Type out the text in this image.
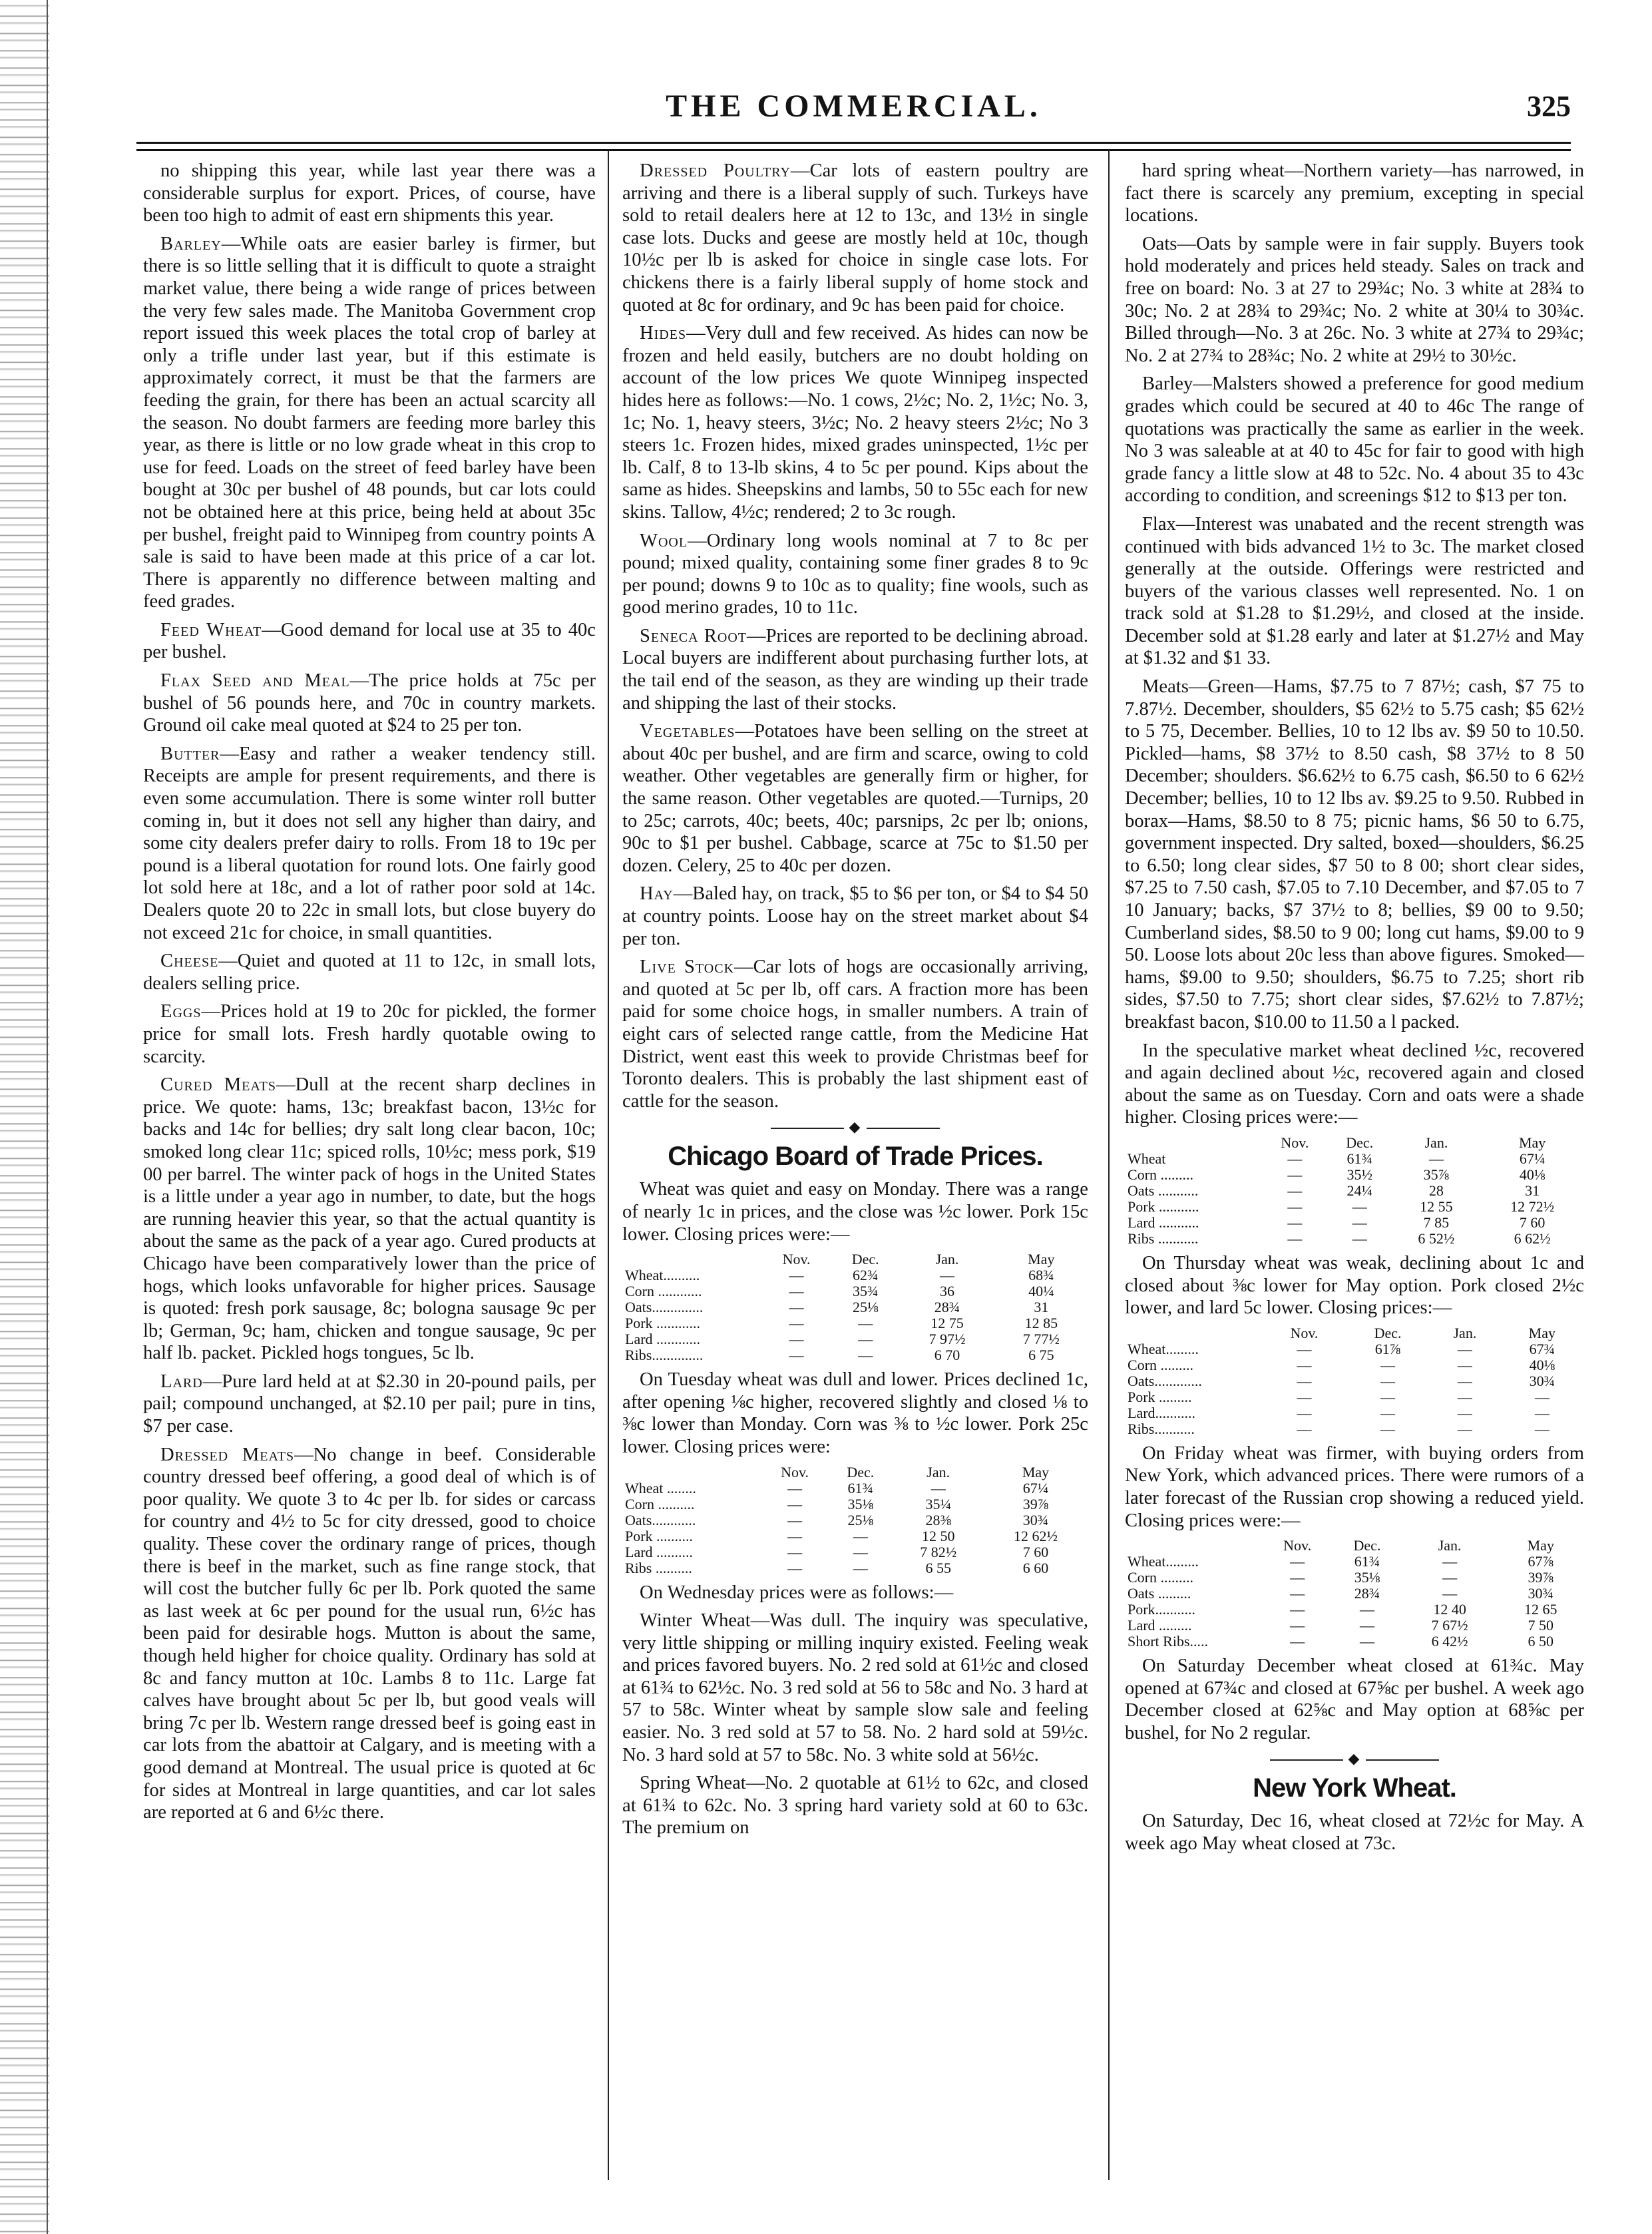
THE COMMERCIAL.	325

no shipping this year, while last year there was a considerable surplus for export. Prices, of course, have been too high to admit of east ern shipments this year.

Barley—While oats are easier barley is firmer, but there is so little selling that it is difficult to quote a straight market value, there being a wide range of prices between the very few sales made. The Manitoba Government crop report issued this week places the total crop of barley at only a trifle under last year, but if this estimate is approximately correct, it must be that the farmers are feeding the grain, for there has been an actual scarcity all the season. No doubt farmers are feeding more barley this year, as there is little or no low grade wheat in this crop to use for feed. Loads on the street of feed barley have been bought at 30c per bushel of 48 pounds, but car lots could not be obtained here at this price, being held at about 35c per bushel, freight paid to Winnipeg from country points A sale is said to have been made at this price of a car lot. There is apparently no difference between malting and feed grades.

Feed Wheat—Good demand for local use at 35 to 40c per bushel.

Flax Seed and Meal—The price holds at 75c per bushel of 56 pounds here, and 70c in country markets. Ground oil cake meal quoted at $24 to 25 per ton.

Butter—Easy and rather a weaker tendency still. Receipts are ample for present requirements, and there is even some accumulation. There is some winter roll butter coming in, but it does not sell any higher than dairy, and some city dealers prefer dairy to rolls. From 18 to 19c per pound is a liberal quotation for round lots. One fairly good lot sold here at 18c, and a lot of rather poor sold at 14c. Dealers quote 20 to 22c in small lots, but close buyery do not exceed 21c for choice, in small quantities.

Cheese—Quiet and quoted at 11 to 12c, in small lots, dealers selling price.

Eggs—Prices hold at 19 to 20c for pickled, the former price for small lots. Fresh hardly quotable owing to scarcity.

Cured Meats—Dull at the recent sharp declines in price. We quote: hams, 13c; breakfast bacon, 13½c for backs and 14c for bellies; dry salt long clear bacon, 10c; smoked long clear 11c; spiced rolls, 10½c; mess pork, $19 00 per barrel. The winter pack of hogs in the United States is a little under a year ago in number, to date, but the hogs are running heavier this year, so that the actual quantity is about the same as the pack of a year ago. Cured products at Chicago have been comparatively lower than the price of hogs, which looks unfavorable for higher prices. Sausage is quoted: fresh pork sausage, 8c; bologna sausage 9c per lb; German, 9c; ham, chicken and tongue sausage, 9c per half lb. packet. Pickled hogs tongues, 5c lb.

Lard—Pure lard held at at $2.30 in 20-pound pails, per pail; compound unchanged, at $2.10 per pail; pure in tins, $7 per case.

Dressed Meats—No change in beef. Considerable country dressed beef offering, a good deal of which is of poor quality. We quote 3 to 4c per lb. for sides or carcass for country and 4½ to 5c for city dressed, good to choice quality. These cover the ordinary range of prices, though there is beef in the market, such as fine range stock, that will cost the butcher fully 6c per lb. Pork quoted the same as last week at 6c per pound for the usual run, 6½c has been paid for desirable hogs. Mutton is about the same, though held higher for choice quality. Ordinary has sold at 8c and fancy mutton at 10c. Lambs 8 to 11c. Large fat calves have brought about 5c per lb, but good veals will bring 7c per lb. Western range dressed beef is going east in car lots from the abattoir at Calgary, and is meeting with a good demand at Montreal. The usual price is quoted at 6c for sides at Montreal in large quantities, and car lot sales are reported at 6 and 6½c there.

Dressed Poultry—Car lots of eastern poultry are arriving and there is a liberal supply of such. Turkeys have sold to retail dealers here at 12 to 13c, and 13½ in single case lots. Ducks and geese are mostly held at 10c, though 10½c per lb is asked for choice in single case lots. For chickens there is a fairly liberal supply of home stock and quoted at 8c for ordinary, and 9c has been paid for choice.

Hides—Very dull and few received. As hides can now be frozen and held easily, butchers are no doubt holding on account of the low prices We quote Winnipeg inspected hides here as follows:—No. 1 cows, 2½c; No. 2, 1½c; No. 3, 1c; No. 1, heavy steers, 3½c; No. 2 heavy steers 2½c; No 3 steers 1c. Frozen hides, mixed grades uninspected, 1½c per lb. Calf, 8 to 13-lb skins, 4 to 5c per pound. Kips about the same as hides. Sheepskins and lambs, 50 to 55c each for new skins. Tallow, 4½c; rendered; 2 to 3c rough.

Wool—Ordinary long wools nominal at 7 to 8c per pound; mixed quality, containing some finer grades 8 to 9c per pound; downs 9 to 10c as to quality; fine wools, such as good merino grades, 10 to 11c.

Seneca Root—Prices are reported to be declining abroad. Local buyers are indifferent about purchasing further lots, at the tail end of the season, as they are winding up their trade and shipping the last of their stocks.

Vegetables—Potatoes have been selling on the street at about 40c per bushel, and are firm and scarce, owing to cold weather. Other vegetables are generally firm or higher, for the same reason. Other vegetables are quoted.—Turnips, 20 to 25c; carrots, 40c; beets, 40c; parsnips, 2c per lb; onions, 90c to $1 per bushel. Cabbage, scarce at 75c to $1.50 per dozen. Celery, 25 to 40c per dozen.

Hay—Baled hay, on track, $5 to $6 per ton, or $4 to $4 50 at country points. Loose hay on the street market about $4 per ton.

Live Stock—Car lots of hogs are occasionally arriving, and quoted at 5c per lb, off cars. A fraction more has been paid for some choice hogs, in smaller numbers. A train of eight cars of selected range cattle, from the Medicine Hat District, went east this week to provide Christmas beef for Toronto dealers. This is probably the last shipment east of cattle for the season.

◆
Chicago Board of Trade Prices.

Wheat was quiet and easy on Monday. There was a range of nearly 1c in prices, and the close was ½c lower. Pork 15c lower. Closing prices were:—

	Nov.	Dec.	Jan.	May
Wheat..........	—	62¾	—	68¾
Corn ............	—	35¾	36	40¼
Oats..............	—	25⅛	28¾	31
Pork ............	—	—	12 75	12 85
Lard ............	—	—	7 97½	7 77½
Ribs..............	—	—	6 70	6 75

On Tuesday wheat was dull and lower. Prices declined 1c, after opening ⅛c higher, recovered slightly and closed ⅛ to ⅜c lower than Monday. Corn was ⅜ to ½c lower. Pork 25c lower. Closing prices were:

	Nov.	Dec.	Jan.	May
Wheat ........	—	61¾	—	67¼
Corn ..........	—	35⅛	35¼	39⅞
Oats............	—	25⅛	28⅜	30¾
Pork ..........	—	—	12 50	12 62½
Lard ..........	—	—	7 82½	7 60
Ribs ..........	—	—	6 55	6 60

On Wednesday prices were as follows:—

Winter Wheat—Was dull. The inquiry was speculative, very little shipping or milling inquiry existed. Feeling weak and prices favored buyers. No. 2 red sold at 61½c and closed at 61¾ to 62½c. No. 3 red sold at 56 to 58c and No. 3 hard at 57 to 58c. Winter wheat by sample slow sale and feeling easier. No. 3 red sold at 57 to 58. No. 2 hard sold at 59½c. No. 3 hard sold at 57 to 58c. No. 3 white sold at 56½c.

Spring Wheat—No. 2 quotable at 61½ to 62c, and closed at 61¾ to 62c. No. 3 spring hard variety sold at 60 to 63c. The premium on

hard spring wheat—Northern variety—has narrowed, in fact there is scarcely any premium, excepting in special locations.

Oats—Oats by sample were in fair supply. Buyers took hold moderately and prices held steady. Sales on track and free on board: No. 3 at 27 to 29¾c; No. 3 white at 28¾ to 30c; No. 2 at 28¾ to 29¾c; No. 2 white at 30¼ to 30¾c. Billed through—No. 3 at 26c. No. 3 white at 27¾ to 29¾c; No. 2 at 27¾ to 28¾c; No. 2 white at 29½ to 30½c.

Barley—Malsters showed a preference for good medium grades which could be secured at 40 to 46c The range of quotations was practically the same as earlier in the week. No 3 was saleable at at 40 to 45c for fair to good with high grade fancy a little slow at 48 to 52c. No. 4 about 35 to 43c according to condition, and screenings $12 to $13 per ton.

Flax—Interest was unabated and the recent strength was continued with bids advanced 1½ to 3c. The market closed generally at the outside. Offerings were restricted and buyers of the various classes well represented. No. 1 on track sold at $1.28 to $1.29½, and closed at the inside. December sold at $1.28 early and later at $1.27½ and May at $1.32 and $1 33.

Meats—Green—Hams, $7.75 to 7 87½; cash, $7 75 to 7.87½. December, shoulders, $5 62½ to 5.75 cash; $5 62½ to 5 75, December. Bellies, 10 to 12 lbs av. $9 50 to 10.50. Pickled—hams, $8 37½ to 8.50 cash, $8 37½ to 8 50 December; shoulders. $6.62½ to 6.75 cash, $6.50 to 6 62½ December; bellies, 10 to 12 lbs av. $9.25 to 9.50. Rubbed in borax—Hams, $8.50 to 8 75; picnic hams, $6 50 to 6.75, government inspected. Dry salted, boxed—shoulders, $6.25 to 6.50; long clear sides, $7 50 to 8 00; short clear sides, $7.25 to 7.50 cash, $7.05 to 7.10 December, and $7.05 to 7 10 January; backs, $7 37½ to 8; bellies, $9 00 to 9.50; Cumberland sides, $8.50 to 9 00; long cut hams, $9.00 to 9 50. Loose lots about 20c less than above figures. Smoked—hams, $9.00 to 9.50; shoulders, $6.75 to 7.25; short rib sides, $7.50 to 7.75; short clear sides, $7.62½ to 7.87½; breakfast bacon, $10.00 to 11.50 a l packed.

In the speculative market wheat declined ½c, recovered and again declined about ½c, recovered again and closed about the same as on Tuesday. Corn and oats were a shade higher. Closing prices were:—

	Nov.	Dec.	Jan.	May
Wheat	—	61¾	—	67¼
Corn .........	—	35½	35⅞	40⅛
Oats ...........	—	24¼	28	31
Pork ...........	—	—	12 55	12 72½
Lard ...........	—	—	7 85	7 60
Ribs ...........	—	—	6 52½	6 62½

On Thursday wheat was weak, declining about 1c and closed about ⅜c lower for May option. Pork closed 2½c lower, and lard 5c lower. Closing prices:—

	Nov.	Dec.	Jan.	May
Wheat.........	—	61⅞	—	67¾
Corn .........	—	—	—	40⅛
Oats.............	—	—	—	30¾
Pork .........	—	—	—	—
Lard...........	—	—	—	—
Ribs...........	—	—	—	—

On Friday wheat was firmer, with buying orders from New York, which advanced prices. There were rumors of a later forecast of the Russian crop showing a reduced yield. Closing prices were:—

	Nov.	Dec.	Jan.	May
Wheat.........	—	61¾	—	67⅞
Corn .........	—	35⅛	—	39⅞
Oats .........	—	28¾	—	30¾
Pork...........	—	—	12 40	12 65
Lard .........	—	—	7 67½	7 50
Short Ribs.....	—	—	6 42½	6 50

On Saturday December wheat closed at 61¾c. May opened at 67¾c and closed at 67⅝c per bushel. A week ago December closed at 62⅝c and May option at 68⅝c per bushel, for No 2 regular.

◆
New York Wheat.

On Saturday, Dec 16, wheat closed at 72½c for May. A week ago May wheat closed at 73c.
